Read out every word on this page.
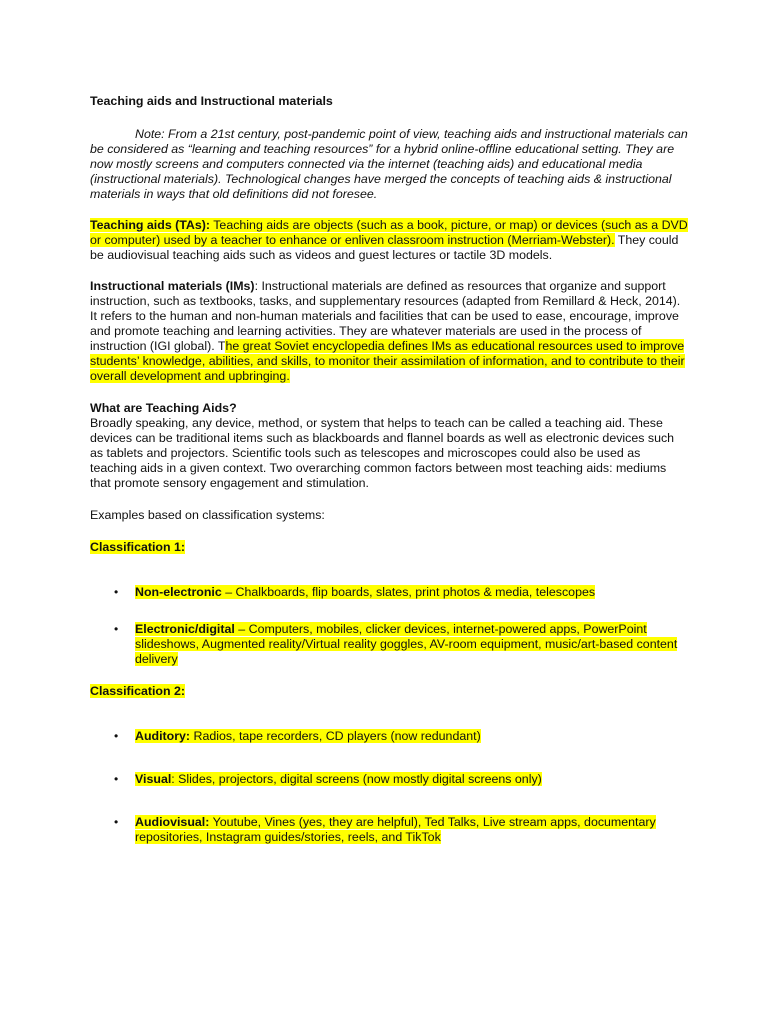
Teaching aids and Instructional materials

Note: From a 21st century, post-pandemic point of view, teaching aids and instructional materials can be considered as “learning and teaching resources” for a hybrid online-offline educational setting. They are now mostly screens and computers connected via the internet (teaching aids) and educational media (instructional materials). Technological changes have merged the concepts of teaching aids & instructional materials in ways that old definitions did not foresee.

Teaching aids (TAs): Teaching aids are objects (such as a book, picture, or map) or devices (such as a DVD or computer) used by a teacher to enhance or enliven classroom instruction (Merriam-Webster). They could be audiovisual teaching aids such as videos and guest lectures or tactile 3D models.

Instructional materials (IMs): Instructional materials are defined as resources that organize and support instruction, such as textbooks, tasks, and supplementary resources (adapted from Remillard & Heck, 2014). It refers to the human and non-human materials and facilities that can be used to ease, encourage, improve and promote teaching and learning activities. They are whatever materials are used in the process of instruction (IGI global). The great Soviet encyclopedia defines IMs as educational resources used to improve students’ knowledge, abilities, and skills, to monitor their assimilation of information, and to contribute to their overall development and upbringing.

What are Teaching Aids?

Broadly speaking, any device, method, or system that helps to teach can be called a teaching aid. These devices can be traditional items such as blackboards and flannel boards as well as electronic devices such as tablets and projectors. Scientific tools such as telescopes and microscopes could also be used as teaching aids in a given context. Two overarching common factors between most teaching aids: mediums that promote sensory engagement and stimulation.

Examples based on classification systems:

Classification 1:
• Non-electronic – Chalkboards, flip boards, slates, print photos & media, telescopes
• Electronic/digital – Computers, mobiles, clicker devices, internet-powered apps, PowerPoint slideshows, Augmented reality/Virtual reality goggles, AV-room equipment, music/art-based content delivery
Classification 2:
• Auditory: Radios, tape recorders, CD players (now redundant)
• Visual: Slides, projectors, digital screens (now mostly digital screens only)
• Audiovisual: Youtube, Vines (yes, they are helpful), Ted Talks, Live stream apps, documentary repositories, Instagram guides/stories, reels, and TikTok
